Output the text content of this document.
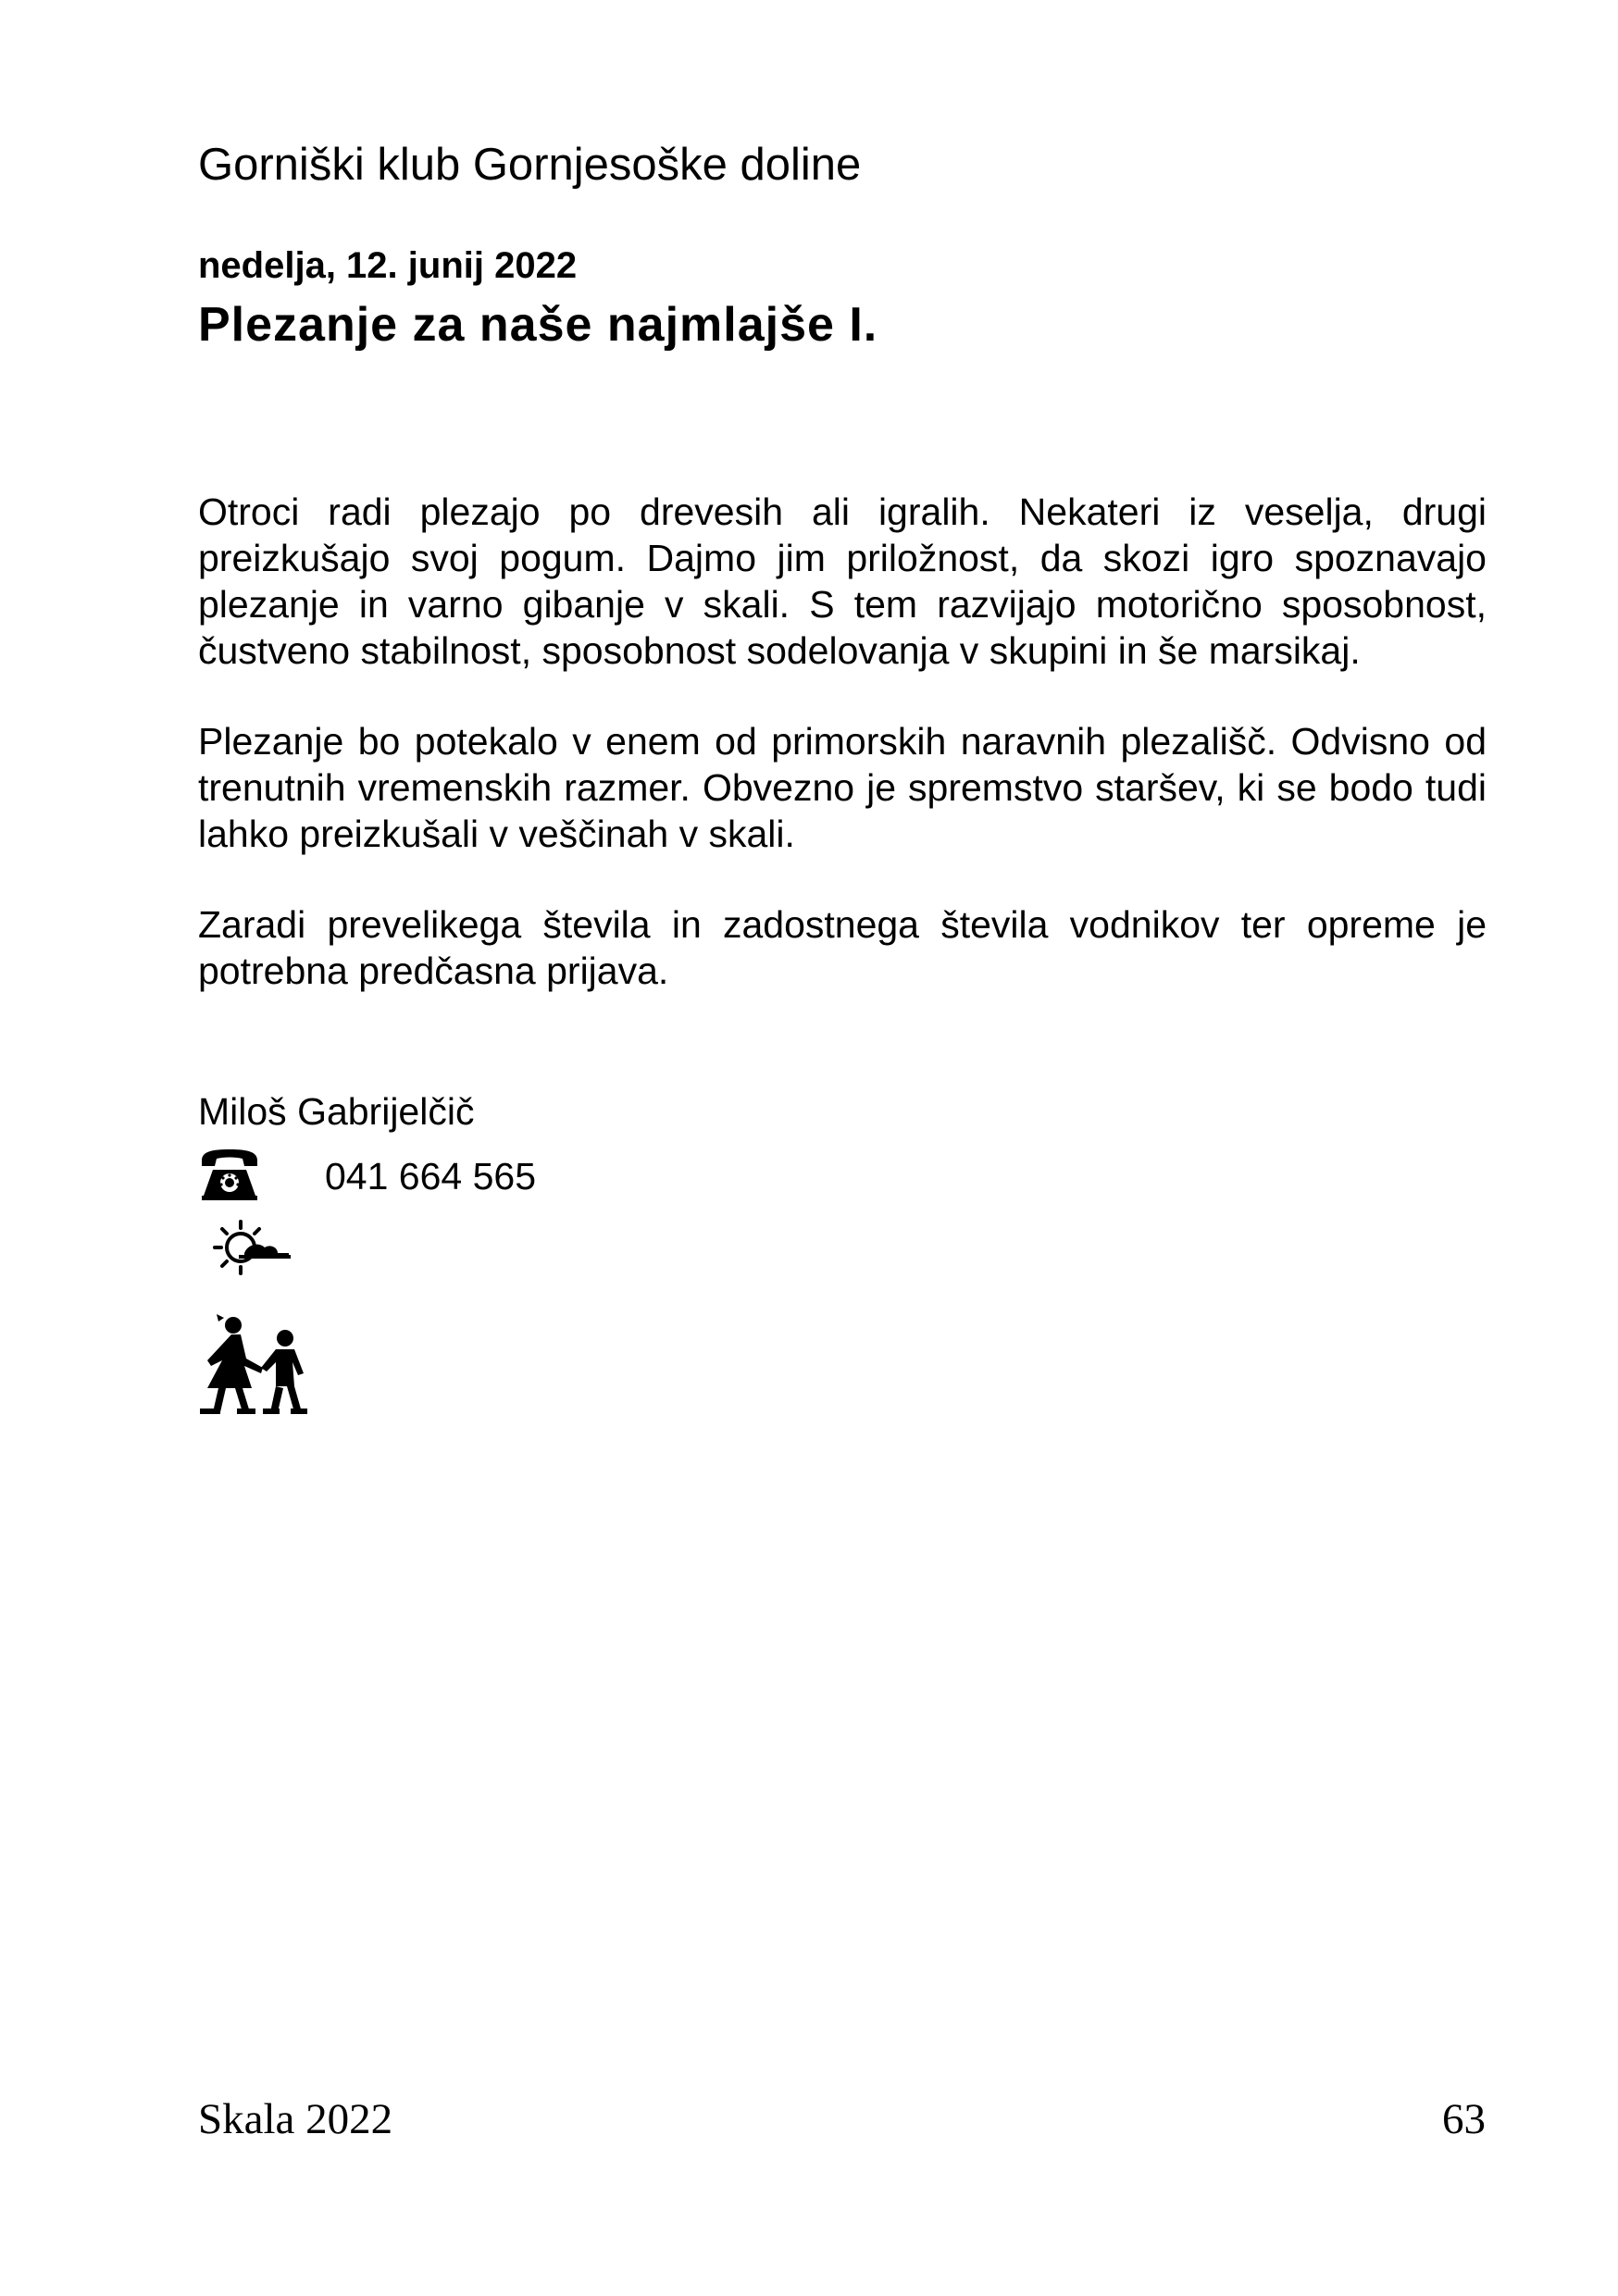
Gorniški klub Gornjesoške doline
nedelja, 12. junij 2022
Plezanje za naše najmlajše I.

Otroci radi plezajo po drevesih ali igralih. Nekateri iz veselja, drugi preizkušajo svoj pogum. Dajmo jim priložnost, da skozi igro spoznavajo plezanje in varno gibanje v skali. S tem razvijajo motorično sposobnost, čustveno stabilnost, sposobnost sodelovanja v skupini in še marsikaj.

Plezanje bo potekalo v enem od primorskih naravnih plezališč. Odvisno od trenutnih vremenskih razmer. Obvezno je spremstvo staršev, ki se bodo tudi lahko preizkušali v veščinah v skali.

Zaradi prevelikega števila in zadostnega števila vodnikov ter opreme je potrebna predčasna prijava.

Miloš Gabrijelčič
041 664 565
Skala 2022	63
